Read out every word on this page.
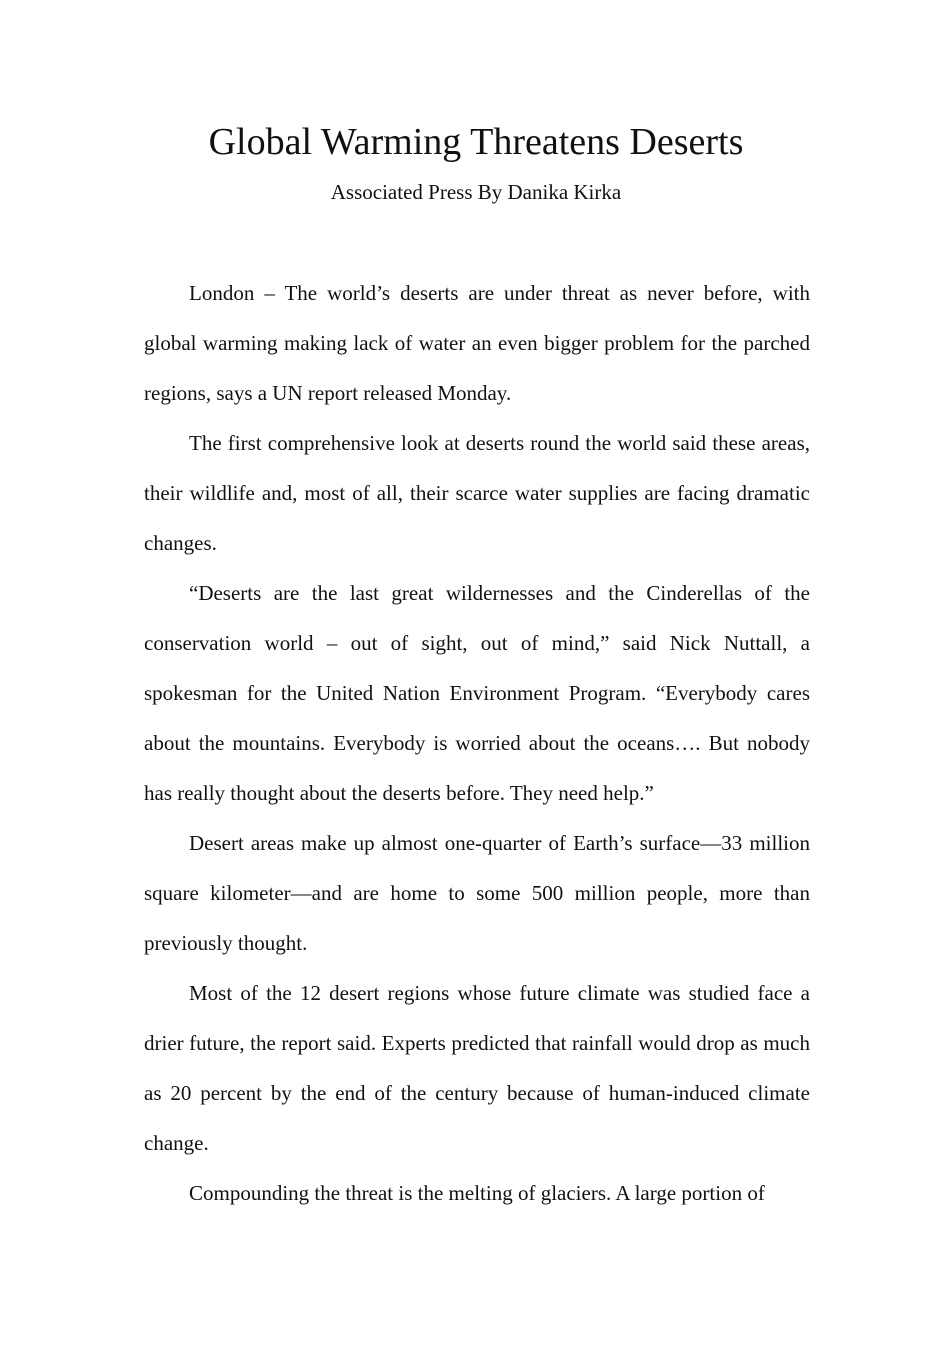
Global Warming Threatens Deserts
Associated Press By Danika Kirka

London – The world’s deserts are under threat as never before, with global warming making lack of water an even bigger problem for the parched regions, says a UN report released Monday.

The first comprehensive look at deserts round the world said these areas, their wildlife and, most of all, their scarce water supplies are facing dramatic changes.

“Deserts are the last great wildernesses and the Cinderellas of the conservation world – out of sight, out of mind,” said Nick Nuttall, a spokesman for the United Nation Environment Program. “Everybody cares about the mountains. Everybody is worried about the oceans…. But nobody has really thought about the deserts before. They need help.”

Desert areas make up almost one-quarter of Earth’s surface—33 million square kilometer—and are home to some 500 million people, more than previously thought.

Most of the 12 desert regions whose future climate was studied face a drier future, the report said. Experts predicted that rainfall would drop as much as 20 percent by the end of the century because of human-induced climate change.

Compounding the threat is the melting of glaciers. A large portion of
